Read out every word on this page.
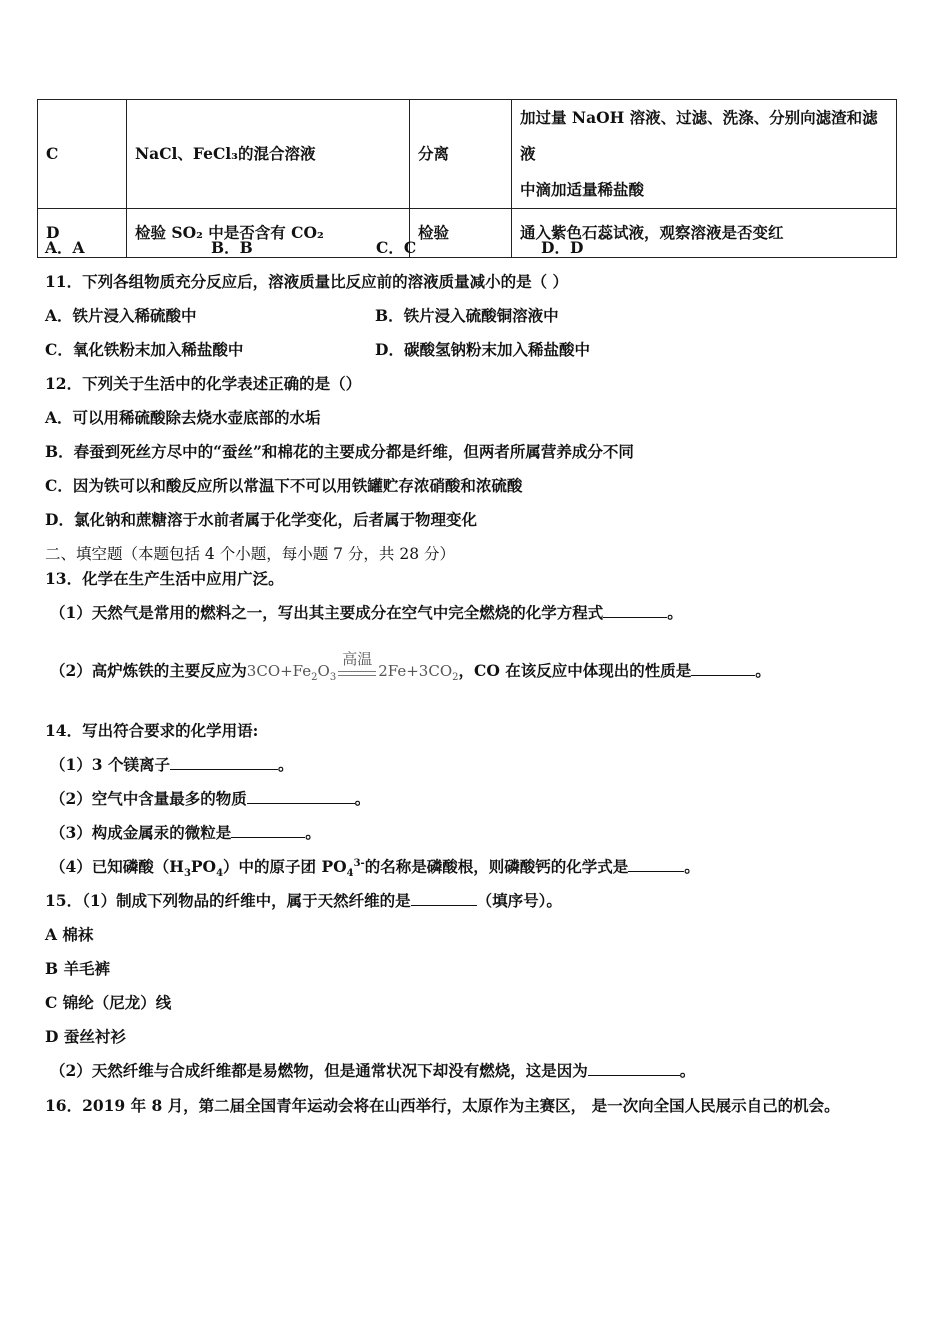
C	NaCl、FeCl₃的混合溶液	分离	加过量 NaOH 溶液、过滤、洗涤、分别向滤渣和滤液
中滴加适量稀盐酸

D	检验 SO₂ 中是否含有 CO₂	检验	通入紫色石蕊试液，观察溶液是否变红
A．A	B．B	C．C	D．D
11．下列各组物质充分反应后，溶液质量比反应前的溶液质量减小的是（ ）
A．铁片浸入稀硫酸中	B．铁片浸入硫酸铜溶液中
C．氧化铁粉末加入稀盐酸中	D．碳酸氢钠粉末加入稀盐酸中
12．下列关于生活中的化学表述正确的是（）
A．可以用稀硫酸除去烧水壶底部的水垢
B．春蚕到死丝方尽中的“蚕丝”和棉花的主要成分都是纤维，但两者所属营养成分不同
C．因为铁可以和酸反应所以常温下不可以用铁罐贮存浓硝酸和浓硫酸
D．氯化钠和蔗糖溶于水前者属于化学变化，后者属于物理变化
二、填空题（本题包括 4 个小题，每小题 7 分，共 28 分）
13．化学在生产生活中应用广泛。
（1）天然气是常用的燃料之一，写出其主要成分在空气中完全燃烧的化学方程式	。
（2）高炉炼铁的主要反应为$3CO+Fe_2O_3$
高温
$2Fe+3CO_2$，CO 在该反应中体现出的性质是	。
14．写出符合要求的化学用语:
（1）3 个镁离子	。
（2）空气中含量最多的物质	。
（3）构成金属汞的微粒是	。
（4）已知磷酸$(H_3PO_4)$中的原子团 $PO_4^{3-}$的名称是磷酸根，则磷酸钙的化学式是	。
15．（1）制成下列物品的纤维中，属于天然纤维的是	（填序号）。
A 棉袜
B 羊毛裤
C 锦纶（尼龙）线
D 蚕丝衬衫
（2）天然纤维与合成纤维都是易燃物，但是通常状况下却没有燃烧，这是因为	。
16．2019 年 8 月，第二届全国青年运动会将在山西举行，太原作为主赛区， 是一次向全国人民展示自己的机会。
